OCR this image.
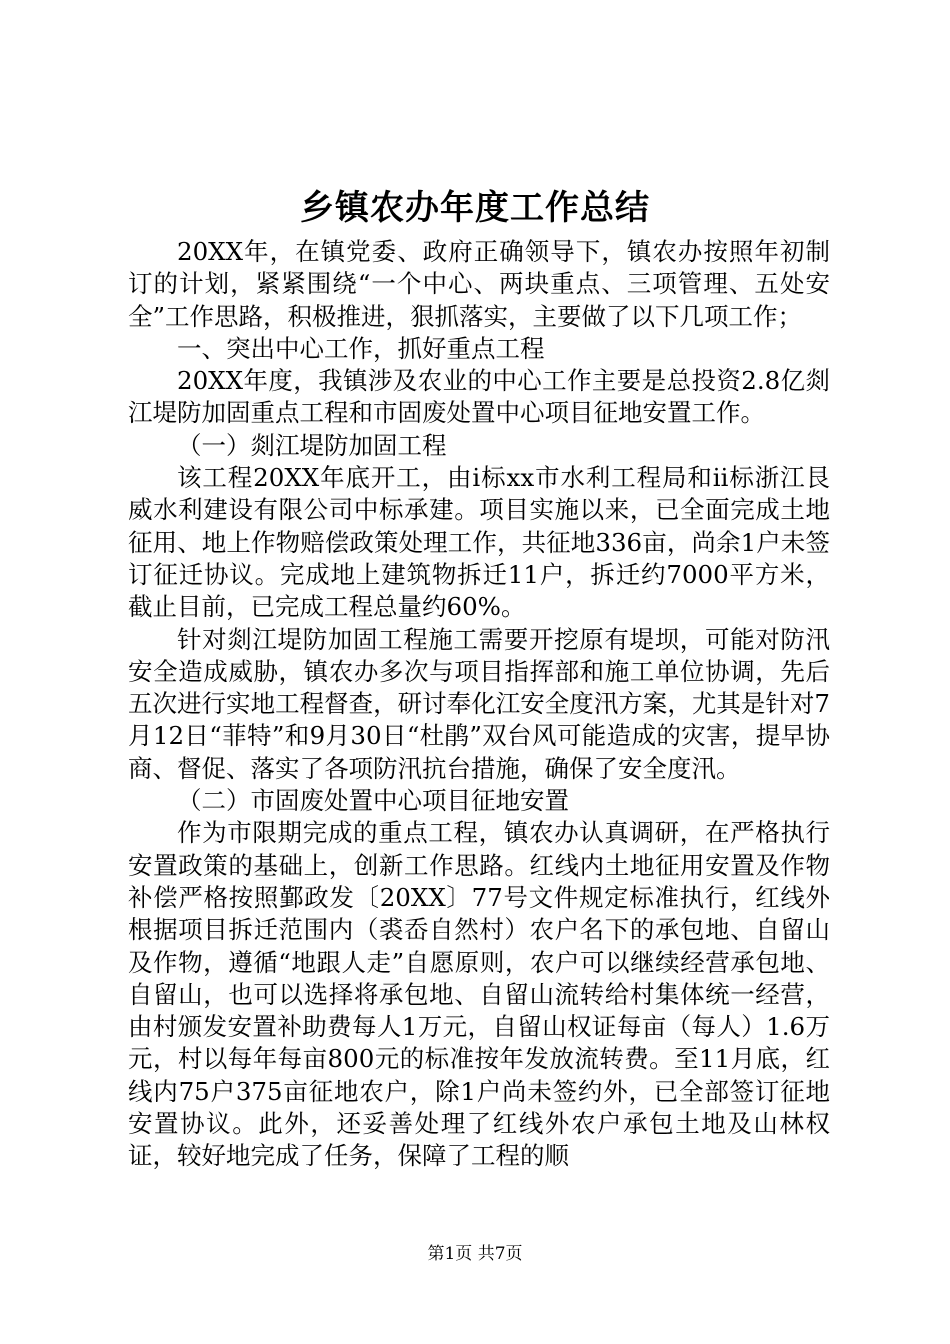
乡镇农办年度工作总结

20XX年，在镇党委、政府正确领导下，镇农办按照年初制订的计划，紧紧围绕“一个中心、两块重点、三项管理、五处安全”工作思路，积极推进，狠抓落实，主要做了以下几项工作；

一、突出中心工作，抓好重点工程

20XX年度，我镇涉及农业的中心工作主要是总投资2.8亿剡江堤防加固重点工程和市固废处置中心项目征地安置工作。

（一）剡江堤防加固工程

该工程20XX年底开工，由ⅰ标xx市水利工程局和ⅱ标浙江艮威水利建设有限公司中标承建。项目实施以来，已全面完成土地征用、地上作物赔偿政策处理工作，共征地336亩，尚余1户未签订征迁协议。完成地上建筑物拆迁11户，拆迁约7000平方米，截止目前，已完成工程总量约60%。

针对剡江堤防加固工程施工需要开挖原有堤坝，可能对防汛安全造成威胁，镇农办多次与项目指挥部和施工单位协调，先后五次进行实地工程督查，研讨奉化江安全度汛方案，尤其是针对7月12日“菲特”和9月30日“杜鹃”双台风可能造成的灾害，提早协商、督促、落实了各项防汛抗台措施，确保了安全度汛。

（二）市固废处置中心项目征地安置

作为市限期完成的重点工程，镇农办认真调研，在严格执行安置政策的基础上，创新工作思路。红线内土地征用安置及作物补偿严格按照鄞政发〔20XX〕77号文件规定标准执行，红线外根据项目拆迁范围内（裘岙自然村）农户名下的承包地、自留山及作物，遵循“地跟人走”自愿原则，农户可以继续经营承包地、自留山，也可以选择将承包地、自留山流转给村集体统一经营，由村颁发安置补助费每人1万元，自留山权证每亩（每人）1.6万元，村以每年每亩800元的标准按年发放流转费。至11月底，红线内75户375亩征地农户，除1户尚未签约外，已全部签订征地安置协议。此外，还妥善处理了红线外农户承包土地及山林权证，较好地完成了任务，保障了工程的顺

第1页 共7页
